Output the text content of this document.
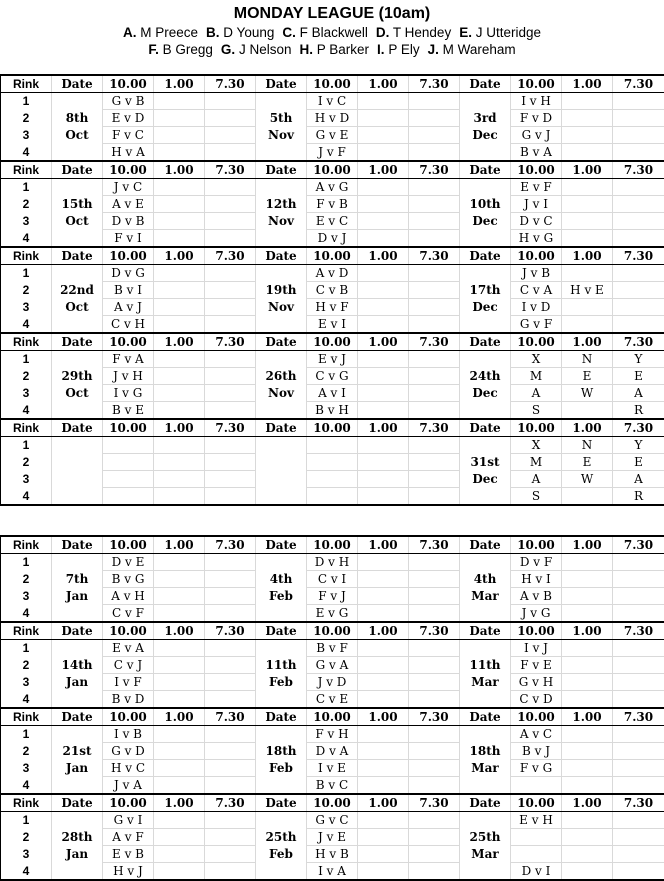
MONDAY LEAGUE (10am)
A. M Preece B. D Young C. F Blackwell D. T Hendey E. J Utteridge
F. B Gregg G. J Nelson H. P Barker I. P Ely J. M Wareham
Rink	Date	10.00	1.00	7.30	Date	10.00	1.00	7.30	Date	10.00	1.00	7.30
1		G v B				I v C				I v H		
2	8th	E v D			5th	H v D			3rd	F v D		
3	Oct	F v C			Nov	G v E			Dec	G v J		
4		H v A				J v F				B v A		
Rink	Date	10.00	1.00	7.30	Date	10.00	1.00	7.30	Date	10.00	1.00	7.30
1		J v C				A v G				E v F		
2	15th	A v E			12th	F v B			10th	J v I		
3	Oct	D v B			Nov	E v C			Dec	D v C		
4		F v I				D v J				H v G		
Rink	Date	10.00	1.00	7.30	Date	10.00	1.00	7.30	Date	10.00	1.00	7.30
1		D v G				A v D				J v B		
2	22nd	B v I			19th	C v B			17th	C v A	H v E	
3	Oct	A v J			Nov	H v F			Dec	I v D		
4		C v H				E v I				G v F		
Rink	Date	10.00	1.00	7.30	Date	10.00	1.00	7.30	Date	10.00	1.00	7.30
1		F v A				E v J				X	N	Y
2	29th	J v H			26th	C v G			24th	M	E	E
3	Oct	I v G			Nov	A v I			Dec	A	W	A
4		B v E				B v H				S		R
Rink	Date	10.00	1.00	7.30	Date	10.00	1.00	7.30	Date	10.00	1.00	7.30
1										X	N	Y
2									31st	M	E	E
3									Dec	A	W	A
4										S		R
Rink	Date	10.00	1.00	7.30	Date	10.00	1.00	7.30	Date	10.00	1.00	7.30
1		D v E				D v H				D v F		
2	7th	B v G			4th	C v I			4th	H v I		
3	Jan	A v H			Feb	F v J			Mar	A v B		
4		C v F				E v G				J v G		
Rink	Date	10.00	1.00	7.30	Date	10.00	1.00	7.30	Date	10.00	1.00	7.30
1		E v A				B v F				I v J		
2	14th	C v J			11th	G v A			11th	F v E		
3	Jan	I v F			Feb	J v D			Mar	G v H		
4		B v D				C v E				C v D		
Rink	Date	10.00	1.00	7.30	Date	10.00	1.00	7.30	Date	10.00	1.00	7.30
1		I v B				F v H				A v C		
2	21st	G v D			18th	D v A			18th	B v J		
3	Jan	H v C			Feb	I v E			Mar	F v G		
4		J v A				B v C						
Rink	Date	10.00	1.00	7.30	Date	10.00	1.00	7.30	Date	10.00	1.00	7.30
1		G v I				G v C				E v H		
2	28th	A v F			25th	J v E			25th			
3	Jan	E v B			Feb	H v B			Mar			
4		H v J				I v A				D v I		
